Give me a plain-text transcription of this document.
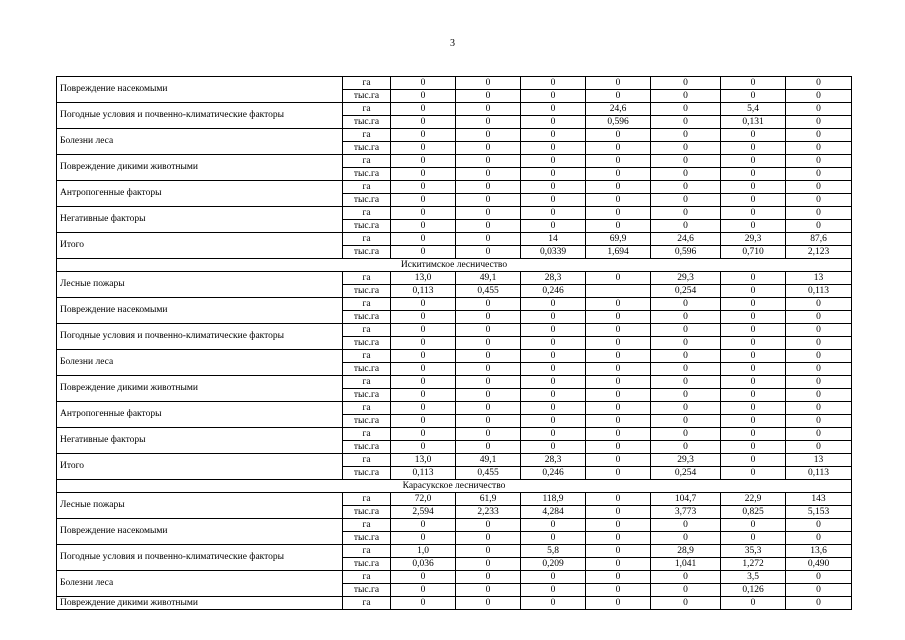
3
Повреждение насекомыми	га	0	0	0	0	0	0	0
	тыс.га	0	0	0	0	0	0	0
Погодные условия и почвенно-климатические факторы	га	0	0	0	24,6	0	5,4	0
	тыс.га	0	0	0	0,596	0	0,131	0
Болезни леса	га	0	0	0	0	0	0	0
	тыс.га	0	0	0	0	0	0	0
Повреждение дикими животными	га	0	0	0	0	0	0	0
	тыс.га	0	0	0	0	0	0	0
Антропогенные факторы	га	0	0	0	0	0	0	0
	тыс.га	0	0	0	0	0	0	0
Негативные факторы	га	0	0	0	0	0	0	0
	тыс.га	0	0	0	0	0	0	0
Итого	га	0	0	14	69,9	24,6	29,3	87,6
	тыс.га	0	0	0,0339	1,694	0,596	0,710	2,123
Искитимское лесничество								
Лесные пожары	га	13,0	49,1	28,3	0	29,3	0	13
	тыс.га	0,113	0,455	0,246		0,254	0	0,113
Повреждение насекомыми	га	0	0	0	0	0	0	0
	тыс.га	0	0	0	0	0	0	0
Погодные условия и почвенно-климатические факторы	га	0	0	0	0	0	0	0
	тыс.га	0	0	0	0	0	0	0
Болезни леса	га	0	0	0	0	0	0	0
	тыс.га	0	0	0	0	0	0	0
Повреждение дикими животными	га	0	0	0	0	0	0	0
	тыс.га	0	0	0	0	0	0	0
Антропогенные факторы	га	0	0	0	0	0	0	0
	тыс.га	0	0	0	0	0	0	0
Негативные факторы	га	0	0	0	0	0	0	0
	тыс.га	0	0	0	0	0	0	0
Итого	га	13,0	49,1	28,3	0	29,3	0	13
	тыс.га	0,113	0,455	0,246	0	0,254	0	0,113
Карасукское лесничество								
Лесные пожары	га	72,0	61,9	118,9	0	104,7	22,9	143
	тыс.га	2,594	2,233	4,284	0	3,773	0,825	5,153
Повреждение насекомыми	га	0	0	0	0	0	0	0
	тыс.га	0	0	0	0	0	0	0
Погодные условия и почвенно-климатические факторы	га	1,0	0	5,8	0	28,9	35,3	13,6
	тыс.га	0,036	0	0,209	0	1,041	1,272	0,490
Болезни леса	га	0	0	0	0	0	3,5	0
	тыс.га	0	0	0	0	0	0,126	0
Повреждение дикими животными	га	0	0	0	0	0	0	0
